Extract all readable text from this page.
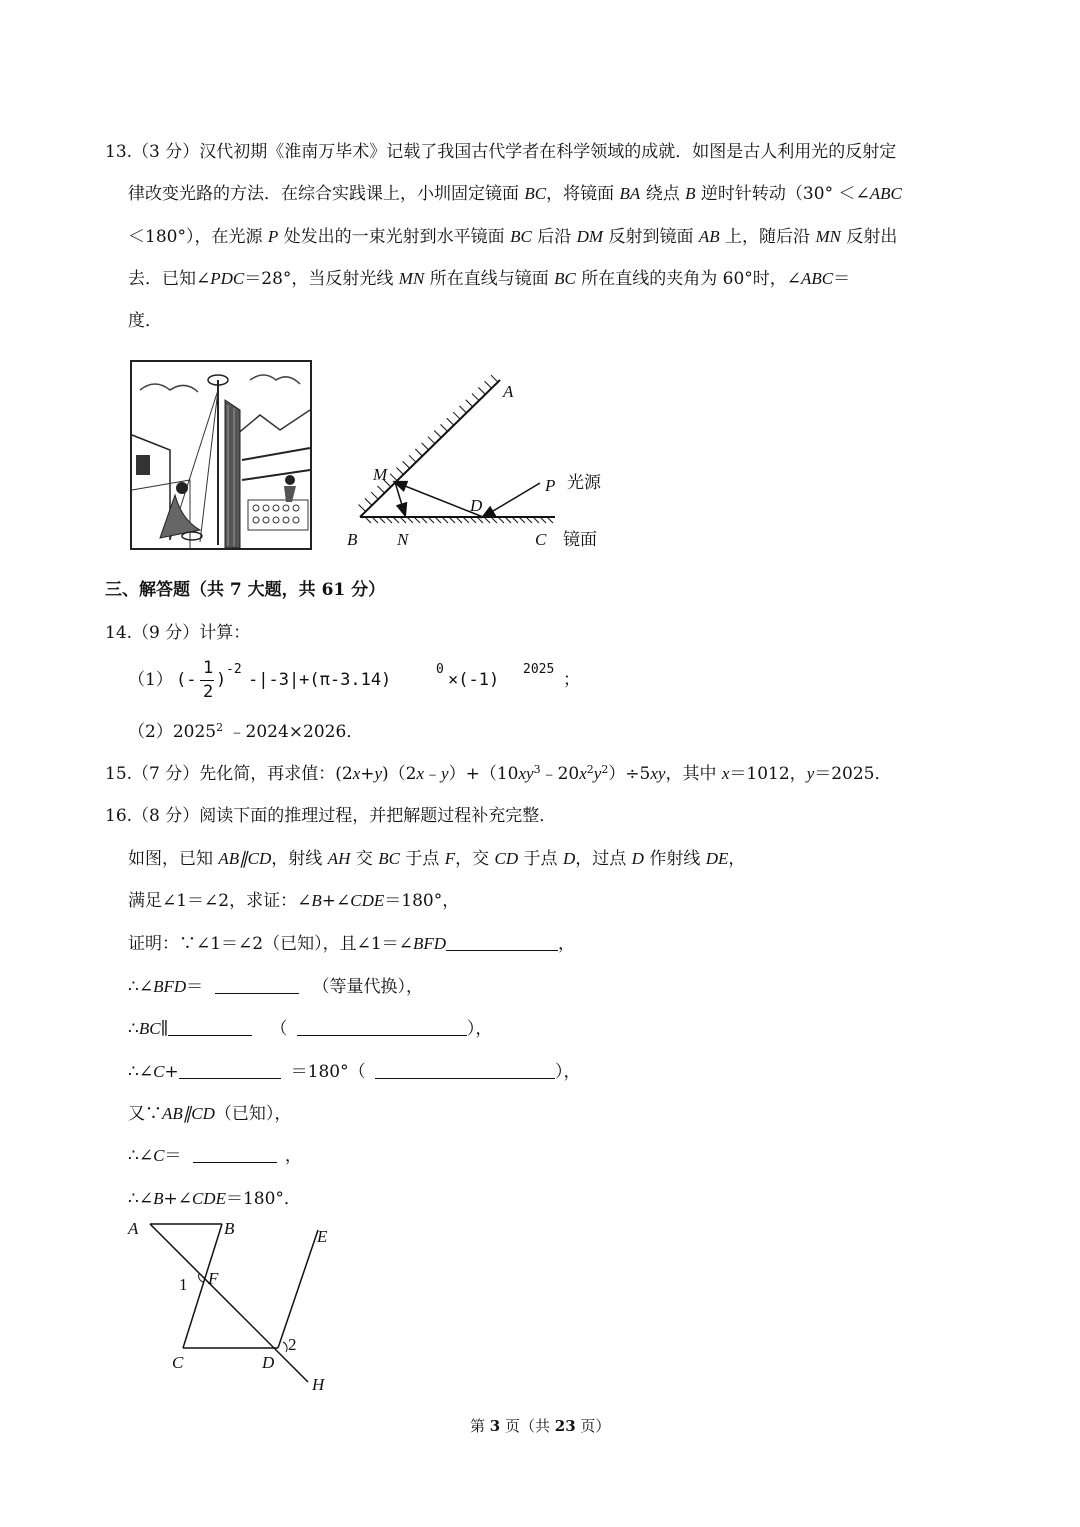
13.（3 分）汉代初期《淮南万毕术》记载了我国古代学者在科学领域的成就．如图是古人利用光的反射定
律改变光路的方法．在综合实践课上，小圳固定镜面 BC，将镜面 BA 绕点 B 逆时针转动（30° ＜∠ABC
＜180°），在光源 P 处发出的一束光射到水平镜面 BC 后沿 DM 反射到镜面 AB 上，随后沿 MN 反射出
去．已知∠PDC＝28°，当反射光线 MN 所在直线与镜面 BC 所在直线的夹角为 60°时，∠ABC＝
度．
A
M
P 光源
D
B N	C 镜面
三、解答题（共 7 大题，共 61 分）
14.（9 分）计算：
（1） (-
1
2
)
-2
-|-3|+(π-3.14)
0
×(-1)
2025
；
（2）2025$^2$ ﹣2024×2026．
15.（7 分）先化简，再求值：$(2x+y)(2x﹣y)+(10xy^3﹣20x^2y^2)\div 5xy$，其中 x＝1012，y＝2025．
16.（8 分）阅读下面的推理过程，并把解题过程补充完整．
如图，已知 AB∥CD，射线 AH 交 BC 于点 F，交 CD 于点 D，过点 D 作射线 DE，
满足∠1＝∠2，求证：∠B+∠CDE＝180°，
证明：∵∠1＝∠2（已知），且∠1＝∠BFD	，
∴∠BFD＝	（等量代换），
∴BC∥	（	），
∴∠C+	＝180°（	），
又∵AB∥CD（已知），
∴∠C＝	，
∴∠B+∠CDE＝180°．
A	B	E
1 F
2
C	D
H
第 3 页（共 23 页）
